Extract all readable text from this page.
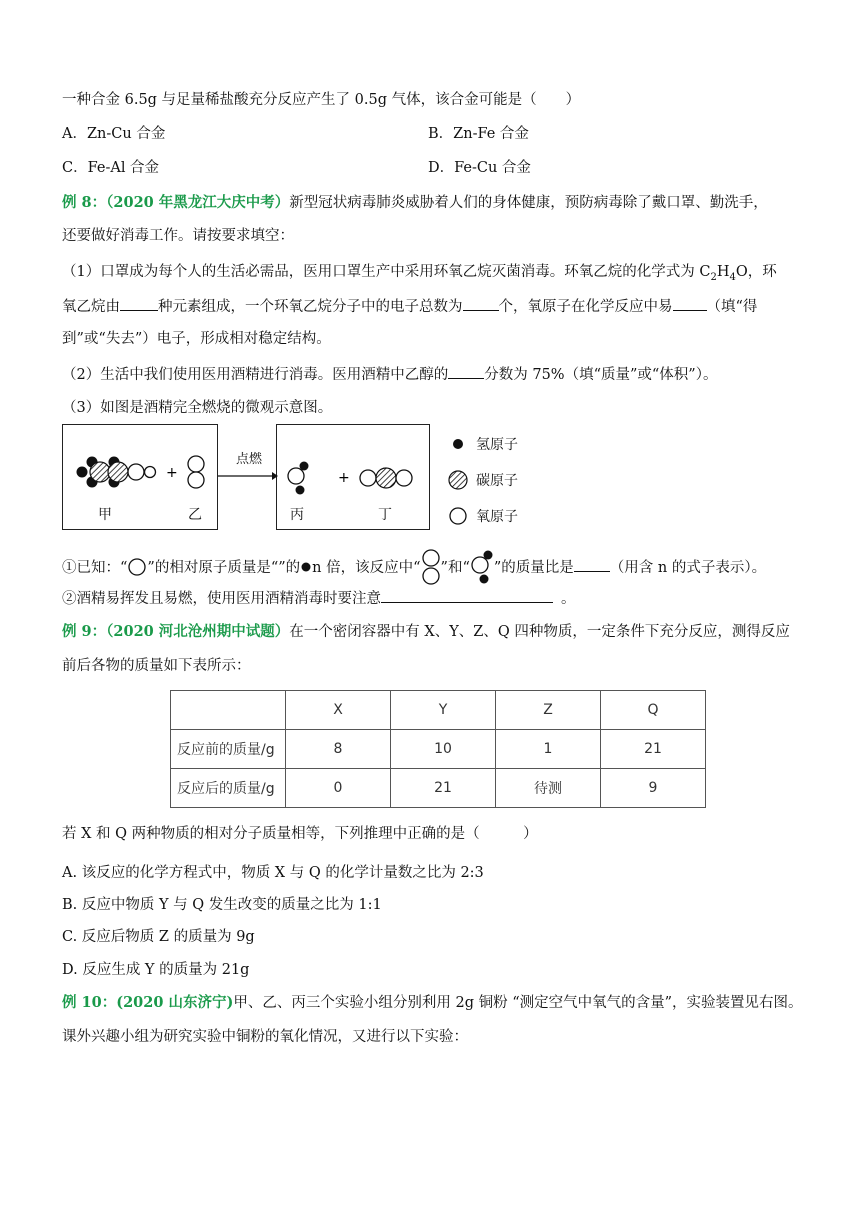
一种合金 6.5g 与足量稀盐酸充分反应产生了 0.5g 气体，该合金可能是（　　）
A．Zn-Cu 合金	B．Zn-Fe 合金
C．Fe-Al 合金	D．Fe-Cu 合金
例 8：（2020 年黑龙江大庆中考）新型冠状病毒肺炎威胁着人们的身体健康，预防病毒除了戴口罩、勤洗手，
还要做好消毒工作。请按要求填空：
（1）口罩成为每个人的生活必需品，医用口罩生产中采用环氧乙烷灭菌消毒。环氧乙烷的化学式为 $C_2H_4O$，环
氧乙烷由	种元素组成，一个环氧乙烷分子中的电子总数为 个，氧原子在化学反应中易 （填“得
到”或“失去”）电子，形成相对稳定结构。
（2）生活中我们使用医用酒精进行消毒。医用酒精中乙醇的 分数为 75%（填“质量”或“体积”）。
（3）如图是酒精完全燃烧的微观示意图。
+	+
点燃
甲	乙	丙	丁
氢原子
碳原子
氧原子
①已知：“ ”的相对原子质量是“”的 n 倍，该反应中“ ”和“ ”的质量比是 （用含 n 的式子表示）。
②酒精易挥发且易燃，使用医用酒精消毒时要注意	。
例 9：（2020 河北沧州期中试题）在一个密闭容器中有 X、Y、Z、Q 四种物质，一定条件下充分反应，测得反应
前后各物的质量如下表所示：
	X	Y	Z	Q
反应前的质量/g	8	10	1	21
反应后的质量/g	0	21	待测	9
若 X 和 Q 两种物质的相对分子质量相等，下列推理中正确的是（　　　）
A. 该反应的化学方程式中，物质 X 与 Q 的化学计量数之比为 2:3
B. 反应中物质 Y 与 Q 发生改变的质量之比为 1:1
C. 反应后物质 Z 的质量为 9g
D. 反应生成 Y 的质量为 21g
例 10：(2020 山东济宁)甲、乙、丙三个实验小组分别利用 2g 铜粉 “测定空气中氧气的含量”，实验装置见右图。
课外兴趣小组为研究实验中铜粉的氧化情况，又进行以下实验：
